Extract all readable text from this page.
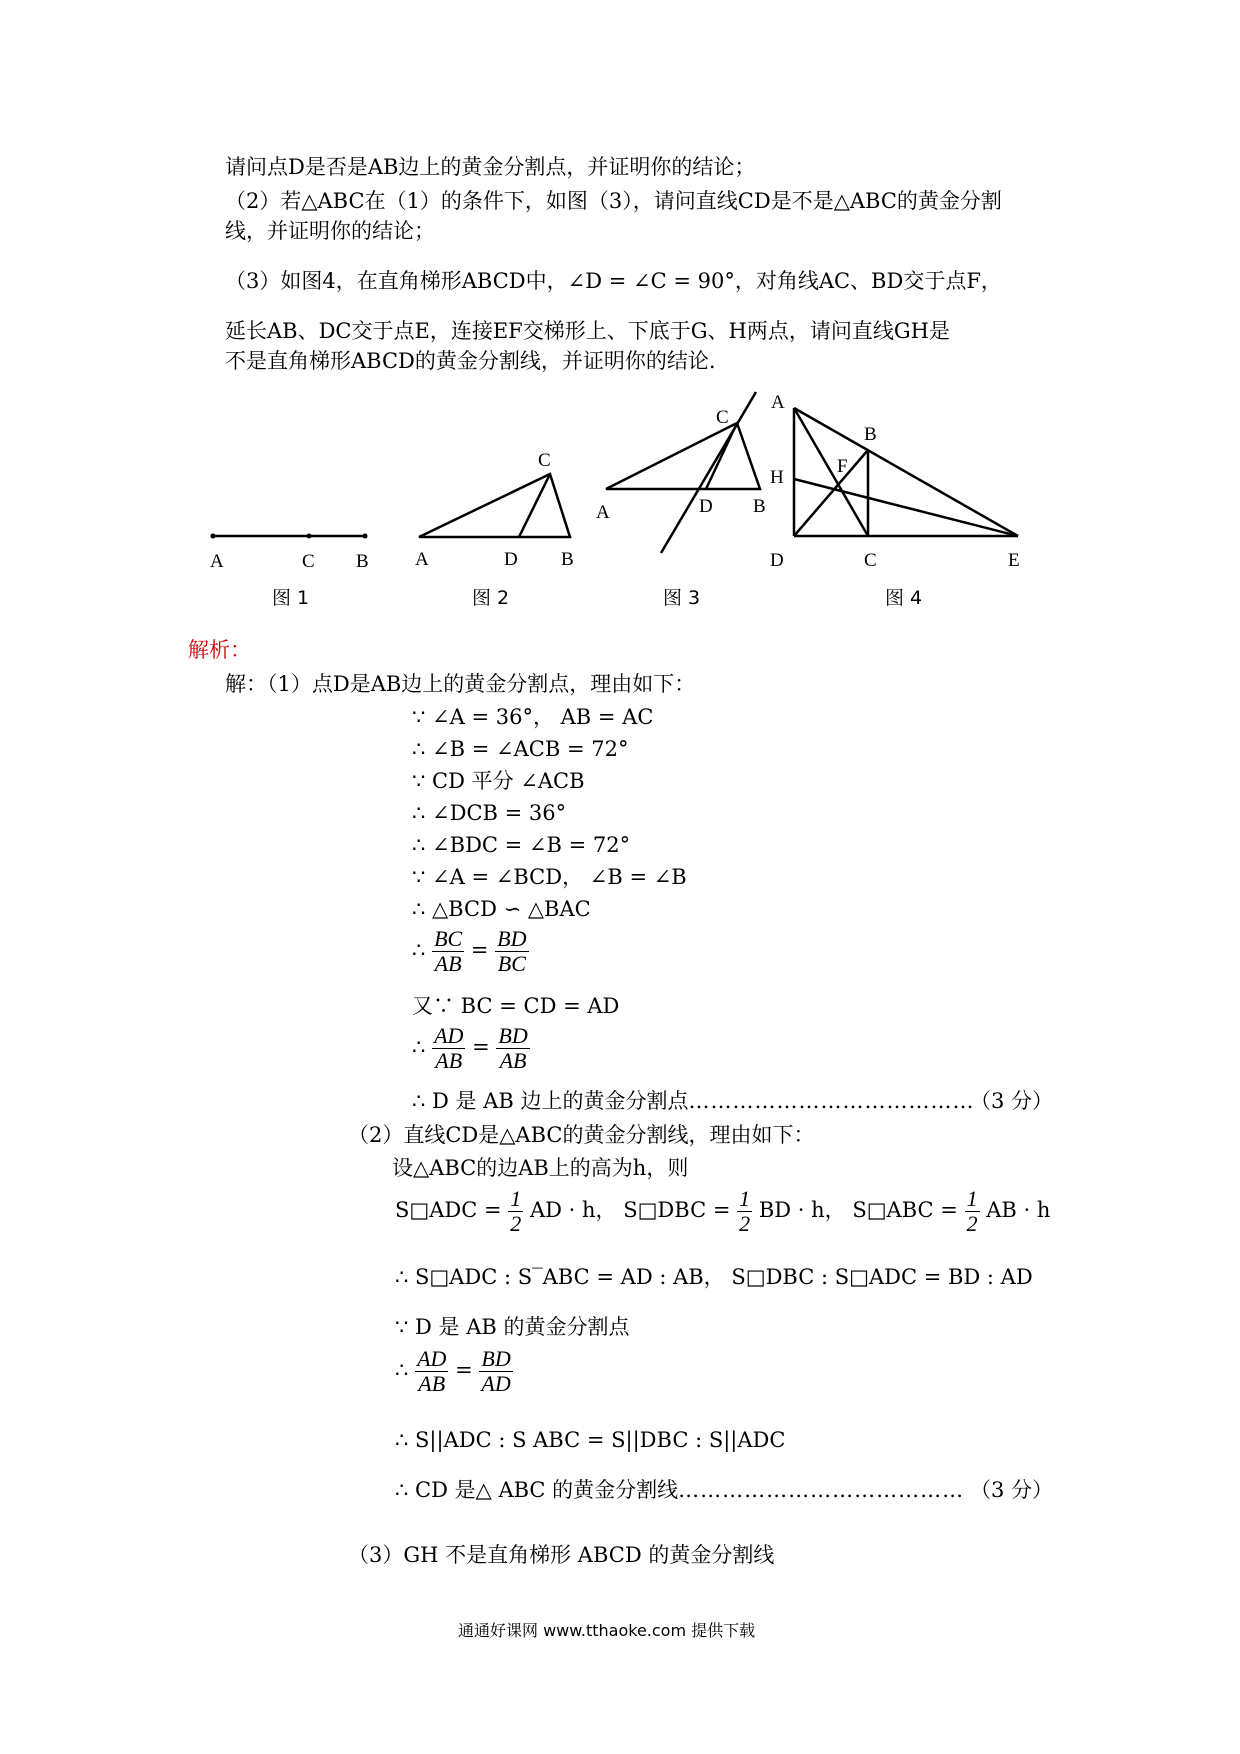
请问点D是否是AB边上的黄金分割点，并证明你的结论；
（2）若△ABC在（1）的条件下，如图（3），请问直线CD是不是△ABC的黄金分割
线，并证明你的结论；
（3）如图4，在直角梯形ABCD中，∠D = ∠C = 90°，对角线AC、BD交于点F，
延长AB、DC交于点E，连接EF交梯形上、下底于G、H两点，请问直线GH是
不是直角梯形ABCD的黄金分割线，并证明你的结论.
A	C B A	D B
C
A	D B
C
A
B
H
F
D	C	E
图 1	图 2	图 3	图 4
解析：
解：（1）点D是AB边上的黄金分割点，理由如下：
∵ ∠A = 36°， AB = AC
∴ ∠B = ∠ACB = 72°
∵ CD 平分 ∠ACB
∴ ∠DCB = 36°
∴ ∠BDC = ∠B = 72°
∵ ∠A = ∠BCD， ∠B = ∠B
∴ △BCD ∽ △BAC
∴ $\frac{BC}{AB} = \frac{BD}{BC}$
又∵ BC = CD = AD
∴ $\frac{AD}{AB} = \frac{BD}{AB}$
∴ D 是 AB 边上的黄金分割点…………………………………
（3 分）
（2）直线CD是△ABC的黄金分割线，理由如下：
设△ABC的边AB上的高为h，则
S□ADC = $\frac{1}{2}$ AD · h， S□DBC = $\frac{1}{2}$ BD · h， S□ABC = $\frac{1}{2}$ AB · h
∴ S□ADC : S‾ABC = AD : AB， S□DBC : S□ADC = BD : AD
∵ D 是 AB 的黄金分割点
∴ $\frac{AD}{AB} = \frac{BD}{AD}$
∴ S||ADC : S ABC = S||DBC : S||ADC
∴ CD 是△ ABC 的黄金分割线………………………………… （3 分）
（3）GH 不是直角梯形 ABCD 的黄金分割线
通通好课网 www.tthaoke.com 提供下载
